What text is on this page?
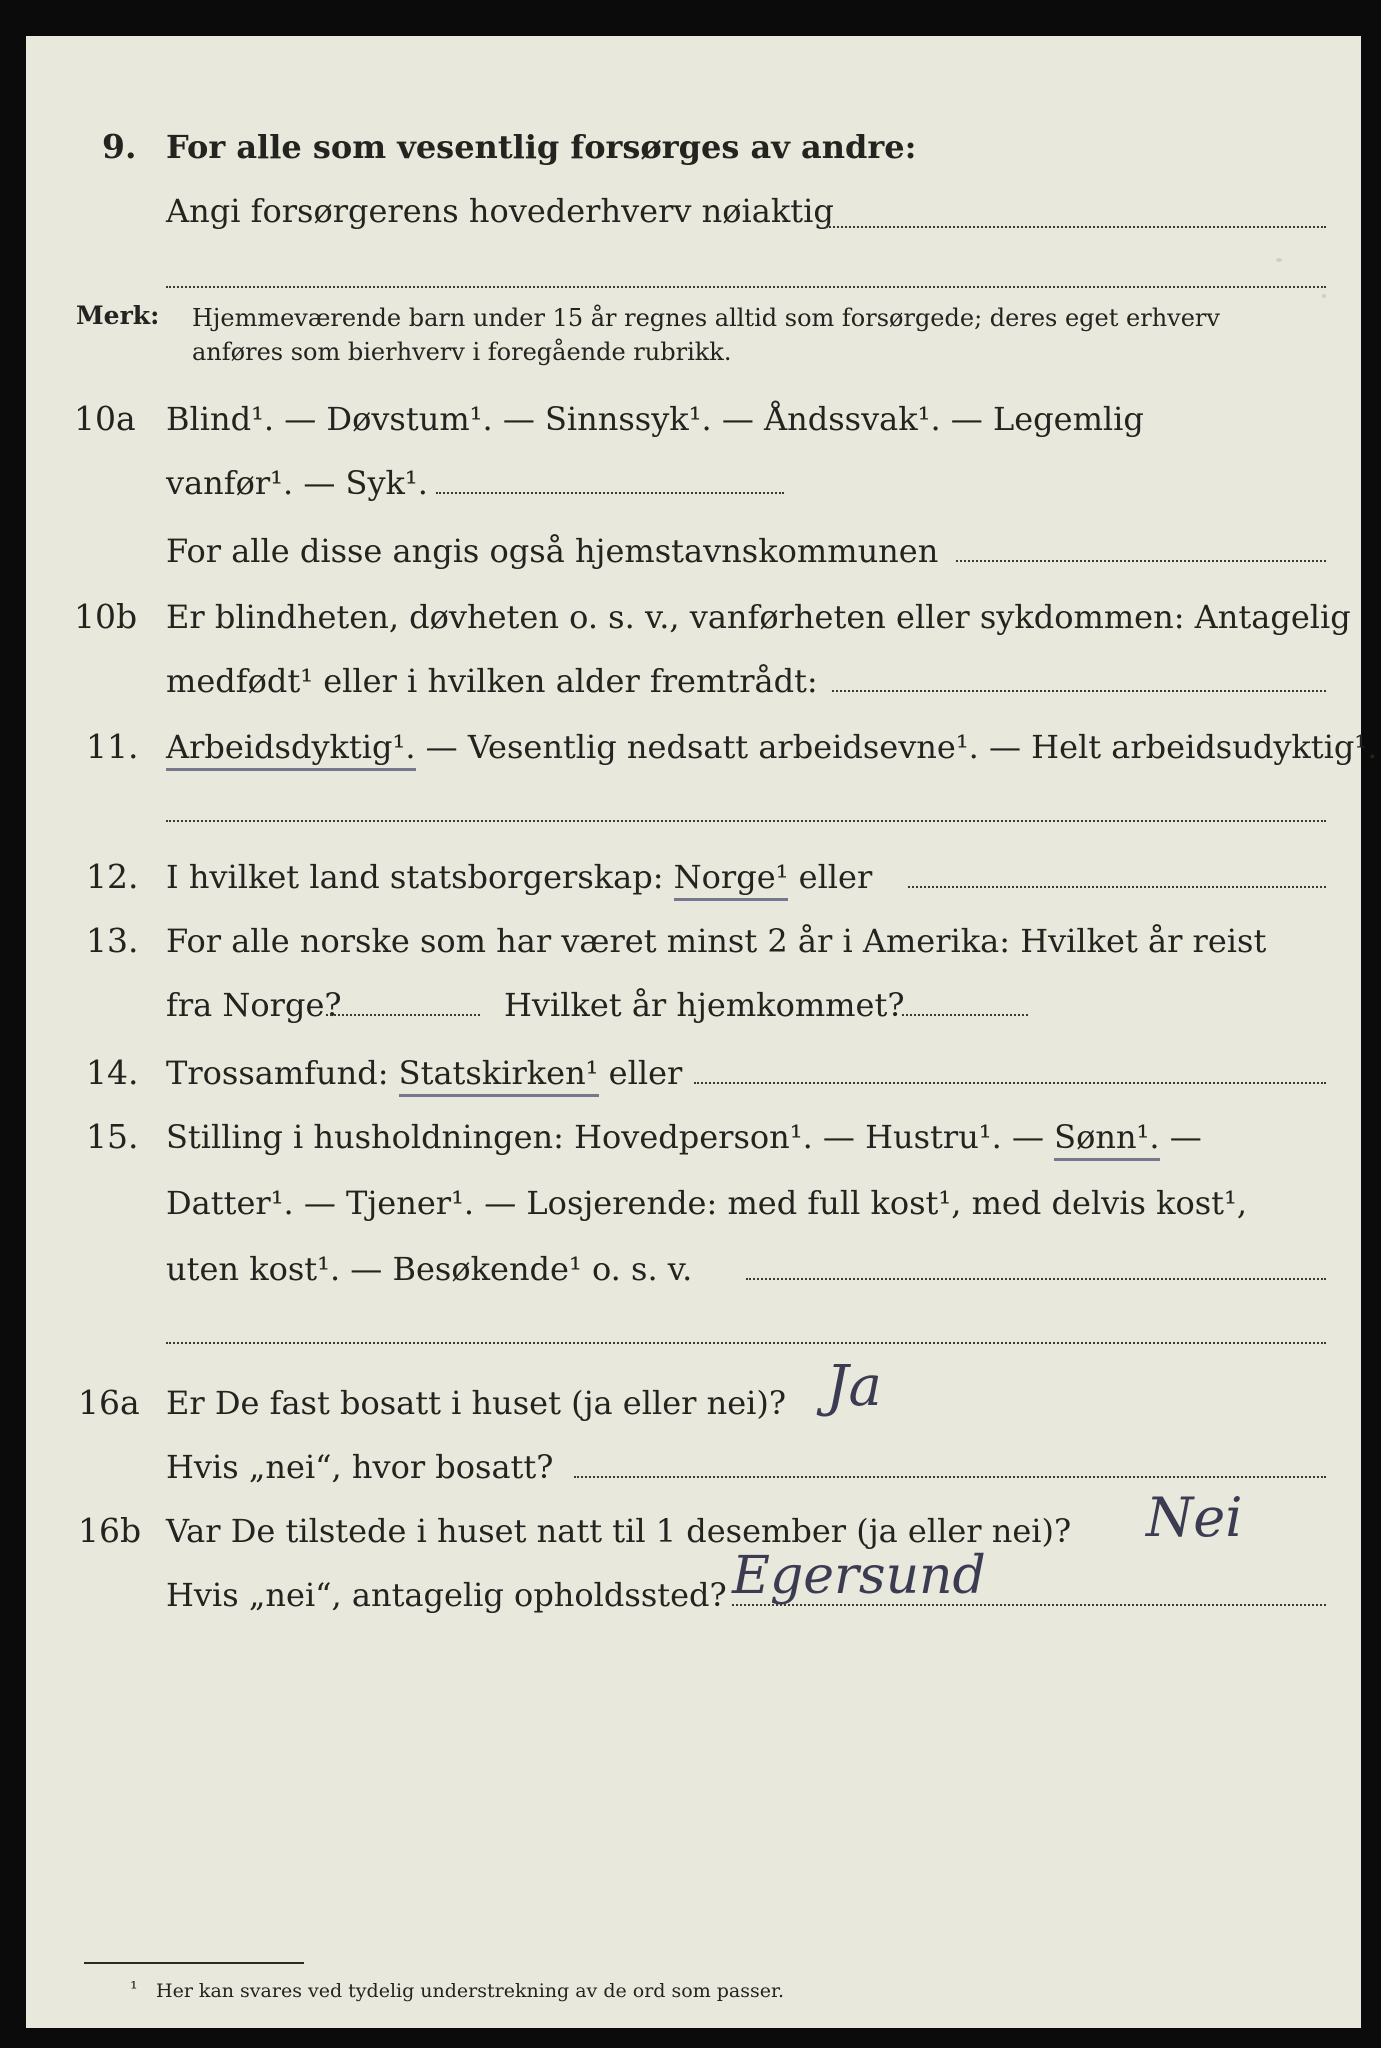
9. For alle som vesentlig forsørges av andre:
Angi forsørgerens hovederhverv nøiaktig
Merk: Hjemmeværende barn under 15 år regnes alltid som forsørgede; deres eget erhverv
anføres som bierhverv i foregående rubrikk.
10a Blind¹. — Døvstum¹. — Sinnssyk¹. — Åndssvak¹. — Legemlig
vanfør¹. — Syk¹.
For alle disse angis også hjemstavnskommunen
10b Er blindheten, døvheten o. s. v., vanførheten eller sykdommen: Antagelig
medfødt¹ eller i hvilken alder fremtrådt:
11. Arbeidsdyktig¹. — Vesentlig nedsatt arbeidsevne¹. — Helt arbeidsudyktig¹.
12. I hvilket land statsborgerskap: Norge¹ eller
13. For alle norske som har været minst 2 år i Amerika: Hvilket år reist
fra Norge?	Hvilket år hjemkommet?
14. Trossamfund: Statskirken¹ eller
15. Stilling i husholdningen: Hovedperson¹. — Hustru¹. — Sønn¹. —
Datter¹. — Tjener¹. — Losjerende: med full kost¹, med delvis kost¹,
uten kost¹. — Besøkende¹ o. s. v.
16a Er De fast bosatt i huset (ja eller nei)? Ja
Hvis „nei“, hvor bosatt?
16b Var De tilstede i huset natt til 1 desember (ja eller nei)? Nei
Hvis „nei“, antagelig opholdssted? Egersund
¹ Her kan svares ved tydelig understrekning av de ord som passer.
